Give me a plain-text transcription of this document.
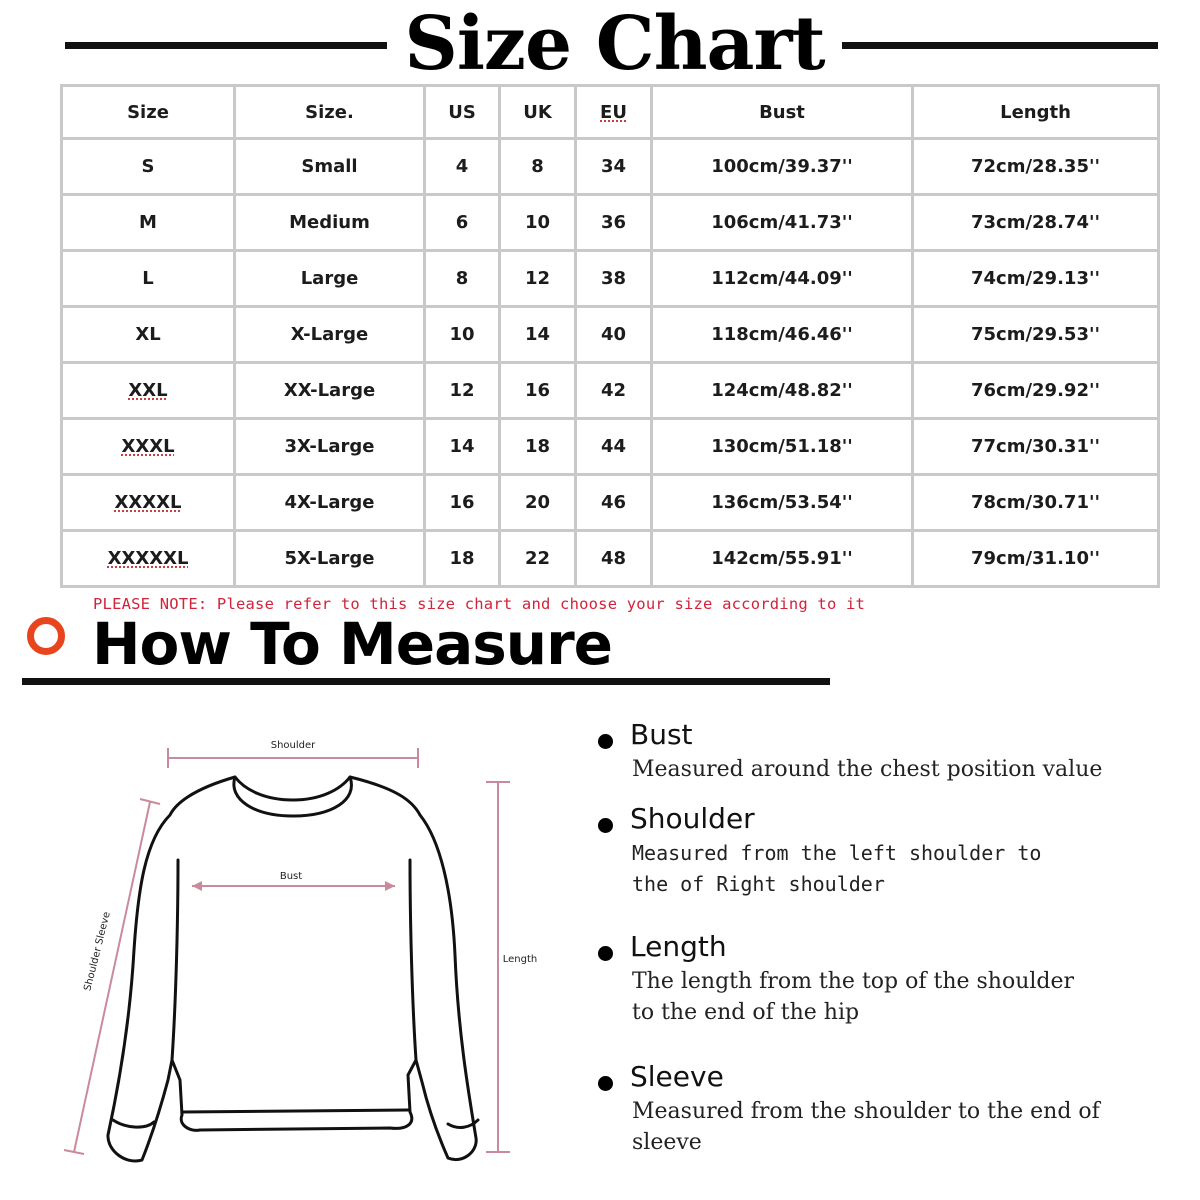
Size Chart
Size	Size.	US	UK	EU	Bust	Length
S	Small	4	8	34	100cm/39.37''	72cm/28.35''
M	Medium	6	10	36	106cm/41.73''	73cm/28.74''
L	Large	8	12	38	112cm/44.09''	74cm/29.13''
XL	X-Large	10	14	40	118cm/46.46''	75cm/29.53''
XXL	XX-Large	12	16	42	124cm/48.82''	76cm/29.92''
XXXL	3X-Large	14	18	44	130cm/51.18''	77cm/30.31''
XXXXL	4X-Large	16	20	46	136cm/53.54''	78cm/30.71''
XXXXXL	5X-Large	18	22	48	142cm/55.91''	79cm/31.10''
PLEASE NOTE: Please refer to this size chart and choose your size according to it
How To Measure
Shoulder
Bust
Length
Shoulder Sleeve
Bust
Measured around the chest position value
Shoulder
Measured from the left shoulder to the of Right shoulder
Length
The length from the top of the shoulder to the end of the hip
Sleeve
Measured from the shoulder to the end of sleeve
